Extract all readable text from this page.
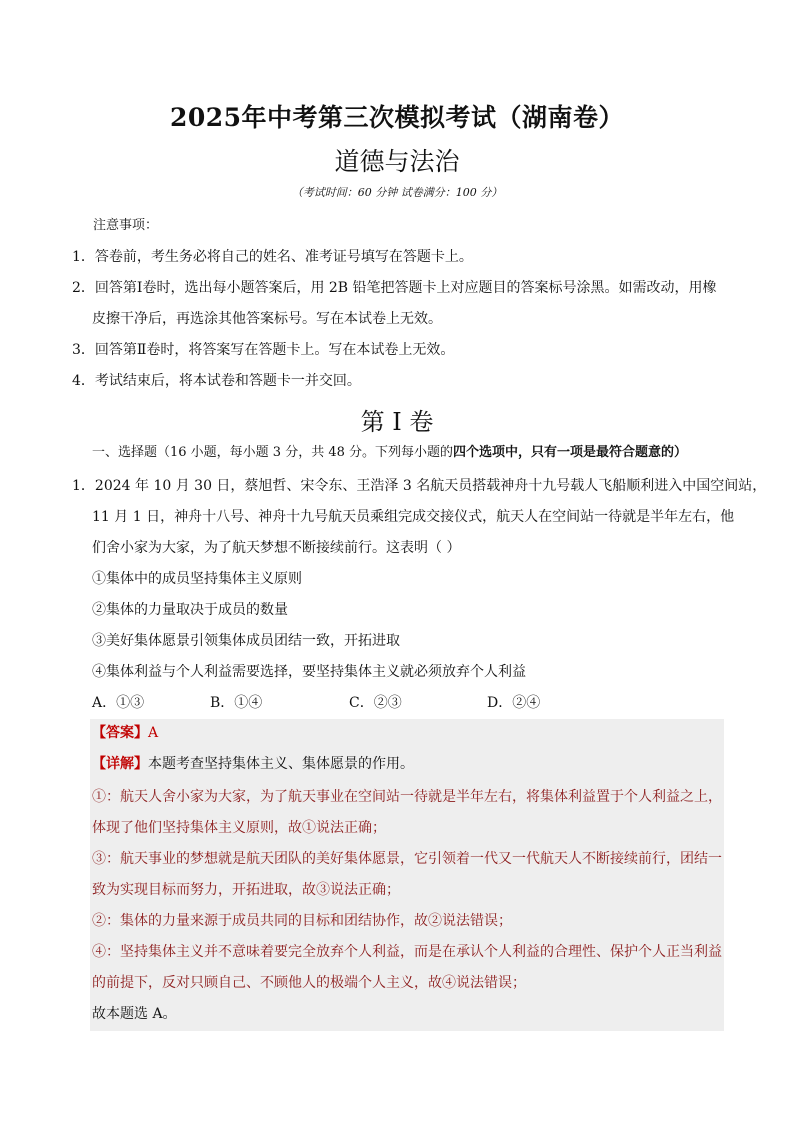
2025年中考第三次模拟考试（湖南卷）
道德与法治
（考试时间：60 分钟 试卷满分：100 分）
注意事项：
1．答卷前，考生务必将自己的姓名、准考证号填写在答题卡上。
2．回答第Ⅰ卷时，选出每小题答案后，用 2B 铅笔把答题卡上对应题目的答案标号涂黑。如需改动，用橡
皮擦干净后，再选涂其他答案标号。写在本试卷上无效。
3．回答第Ⅱ卷时，将答案写在答题卡上。写在本试卷上无效。
4．考试结束后，将本试卷和答题卡一并交回。
第 I 卷
一、选择题（16 小题，每小题 3 分，共 48 分。下列每小题的四个选项中，只有一项是最符合题意的）
1．2024 年 10 月 30 日，蔡旭哲、宋令东、王浩泽 3 名航天员搭载神舟十九号载人飞船顺利进入中国空间站，
11 月 1 日，神舟十八号、神舟十九号航天员乘组完成交接仪式，航天人在空间站一待就是半年左右，他
们舍小家为大家，为了航天梦想不断接续前行。这表明（ ）
①集体中的成员坚持集体主义原则
②集体的力量取决于成员的数量
③美好集体愿景引领集体成员团结一致，开拓进取
④集体利益与个人利益需要选择，要坚持集体主义就必须放弃个人利益
A．①③	B．①④	C．②③	D．②④
【答案】A
【详解】本题考查坚持集体主义、集体愿景的作用。
①：航天人舍小家为大家，为了航天事业在空间站一待就是半年左右，将集体利益置于个人利益之上，
体现了他们坚持集体主义原则，故①说法正确；
③：航天事业的梦想就是航天团队的美好集体愿景，它引领着一代又一代航天人不断接续前行，团结一
致为实现目标而努力，开拓进取，故③说法正确；
②：集体的力量来源于成员共同的目标和团结协作，故②说法错误；
④：坚持集体主义并不意味着要完全放弃个人利益，而是在承认个人利益的合理性、保护个人正当利益
的前提下，反对只顾自己、不顾他人的极端个人主义，故④说法错误；
故本题选 A。
